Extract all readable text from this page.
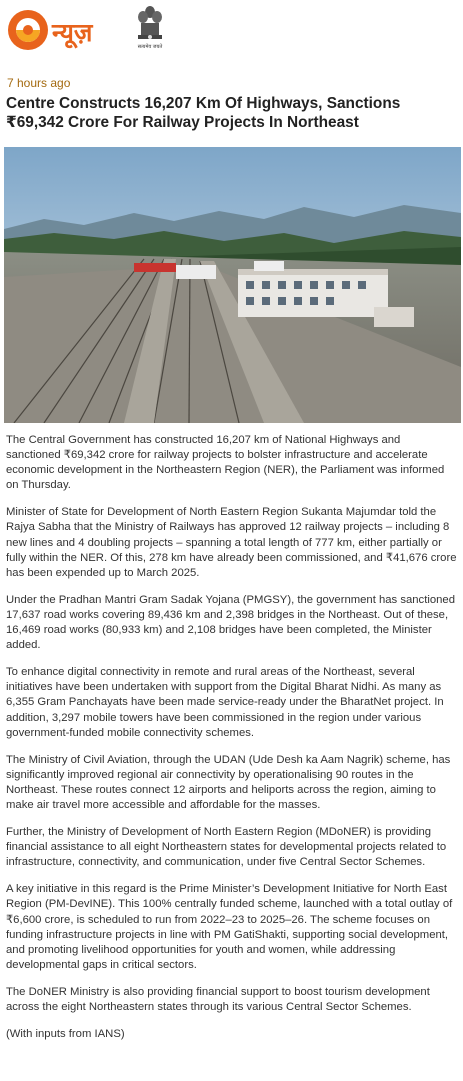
न्यूज़	सत्यमेव जयते
7 hours ago
Centre Constructs 16,207 Km Of Highways, Sanctions ₹69,342 Crore For Railway Projects In Northeast

The Central Government has constructed 16,207 km of National Highways and sanctioned ₹69,342 crore for railway projects to bolster infrastructure and accelerate economic development in the Northeastern Region (NER), the Parliament was informed on Thursday.

Minister of State for Development of North Eastern Region Sukanta Majumdar told the Rajya Sabha that the Ministry of Railways has approved 12 railway projects – including 8 new lines and 4 doubling projects – spanning a total length of 777 km, either partially or fully within the NER. Of this, 278 km have already been commissioned, and ₹41,676 crore has been expended up to March 2025.

Under the Pradhan Mantri Gram Sadak Yojana (PMGSY), the government has sanctioned 17,637 road works covering 89,436 km and 2,398 bridges in the Northeast. Out of these, 16,469 road works (80,933 km) and 2,108 bridges have been completed, the Minister added.

To enhance digital connectivity in remote and rural areas of the Northeast, several initiatives have been undertaken with support from the Digital Bharat Nidhi. As many as 6,355 Gram Panchayats have been made service-ready under the BharatNet project. In addition, 3,297 mobile towers have been commissioned in the region under various government-funded mobile connectivity schemes.

The Ministry of Civil Aviation, through the UDAN (Ude Desh ka Aam Nagrik) scheme, has significantly improved regional air connectivity by operationalising 90 routes in the Northeast. These routes connect 12 airports and heliports across the region, aiming to make air travel more accessible and affordable for the masses.

Further, the Ministry of Development of North Eastern Region (MDoNER) is providing financial assistance to all eight Northeastern states for developmental projects related to infrastructure, connectivity, and communication, under five Central Sector Schemes.

A key initiative in this regard is the Prime Minister’s Development Initiative for North East Region (PM-DevINE). This 100% centrally funded scheme, launched with a total outlay of ₹6,600 crore, is scheduled to run from 2022–23 to 2025–26. The scheme focuses on funding infrastructure projects in line with PM GatiShakti, supporting social development, and promoting livelihood opportunities for youth and women, while addressing developmental gaps in critical sectors.

The DoNER Ministry is also providing financial support to boost tourism development across the eight Northeastern states through its various Central Sector Schemes.

(With inputs from IANS)
